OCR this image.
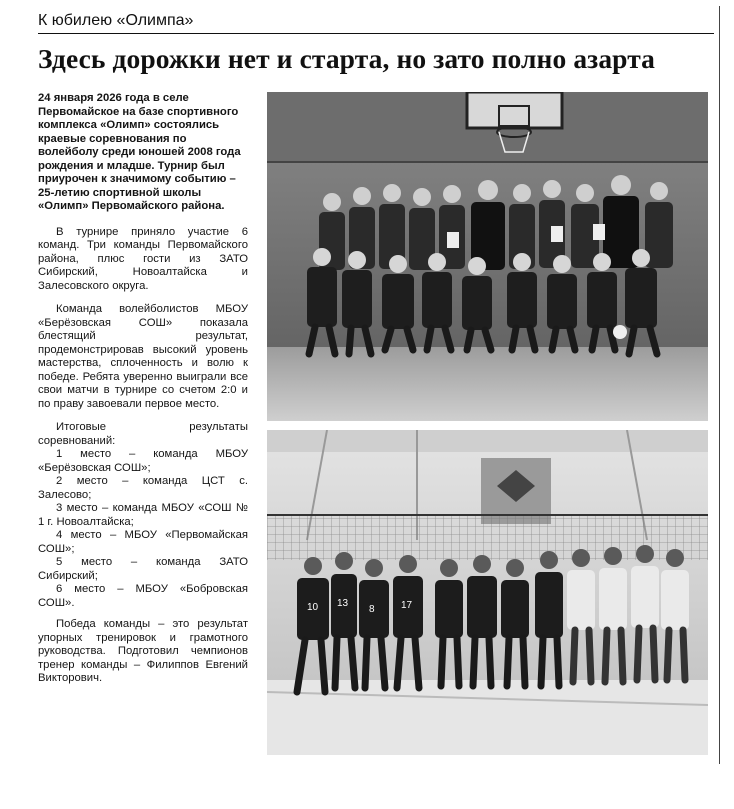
К юбилею «Олимпа»
Здесь дорожки нет и старта, но зато полно азарта

24 января 2026 года в селе Первомайское на базе спортивного комплекса «Олимп» состоялись краевые соревнования по волейболу среди юношей 2008 года рождения и младше. Турнир был приурочен к значимому событию – 25-летию спортивной школы «Олимп» Первомайского района.

В турнире приняло участие 6 команд. Три команды Первомайского района, плюс гости из ЗАТО Сибирский, Новоалтайска и Залесовского округа.

Команда волейболистов МБОУ «Берёзовская СОШ» показала блестящий результат, продемонстрировав высокий уровень мастерства, сплоченность и волю к победе. Ребята уверенно выиграли все свои матчи в турнире со счетом 2:0 и по праву завоевали первое место.

Итоговые результаты соревнований:

1 место – команда МБОУ «Берёзовская СОШ»;

2 место – команда ЦСТ с. Залесово;

3 место – команда МБОУ «СОШ № 1 г. Новоалтайска;

4 место – МБОУ «Первомайская СОШ»;

5 место – команда ЗАТО Сибирский;

6 место – МБОУ «Бобровская СОШ».

Победа команды – это результат упорных тренировок и грамотного руководства. Подготовил чемпионов тренер команды – Филиппов Евгений Викторович.

10 13
8	17
